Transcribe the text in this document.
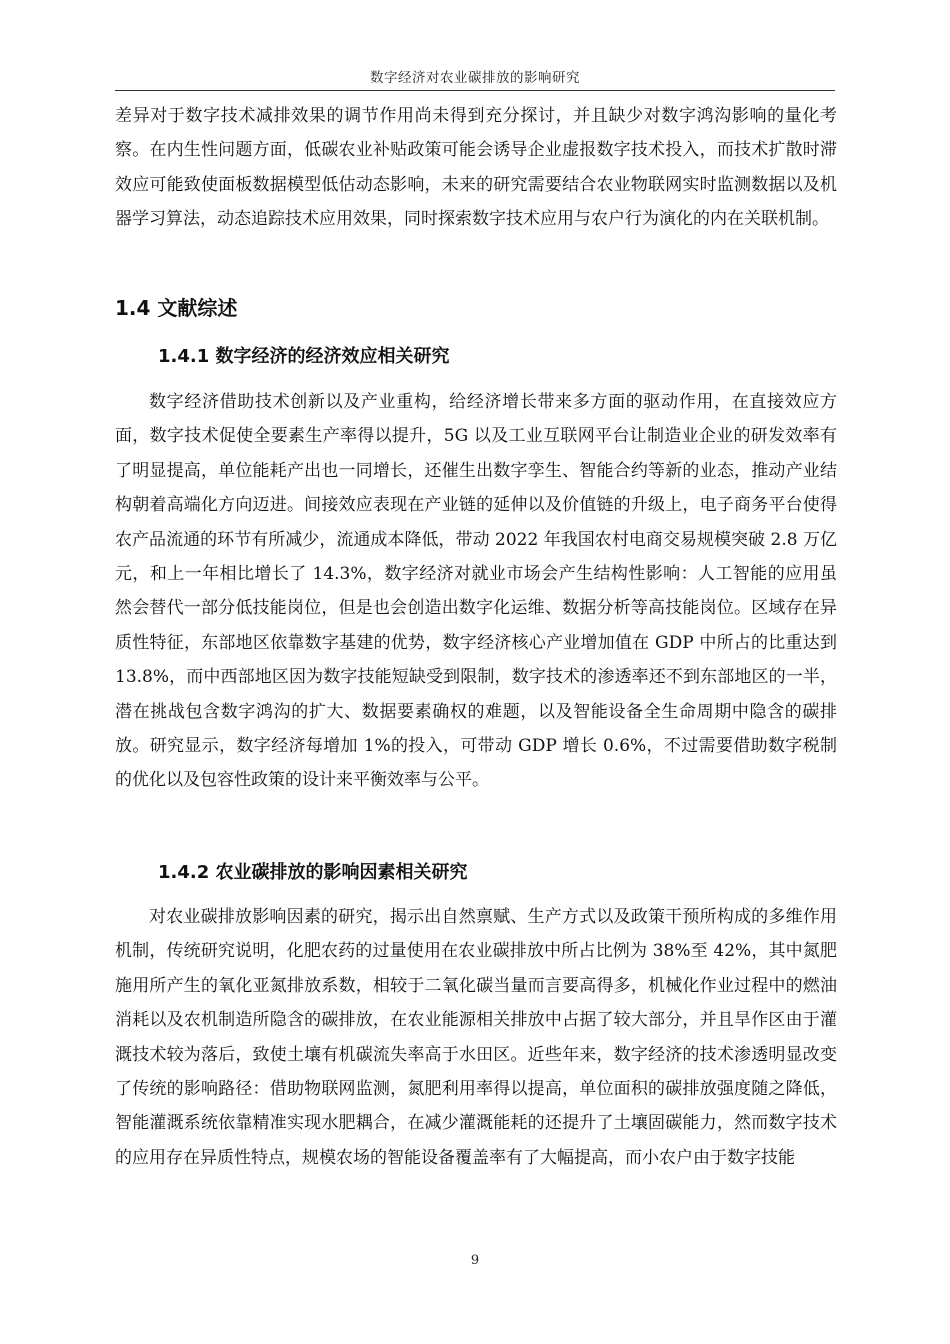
数字经济对农业碳排放的影响研究

差异对于数字技术减排效果的调节作用尚未得到充分探讨，并且缺少对数字鸿沟影响的量化考察。在内生性问题方面，低碳农业补贴政策可能会诱导企业虚报数字技术投入，而技术扩散时滞效应可能致使面板数据模型低估动态影响，未来的研究需要结合农业物联网实时监测数据以及机器学习算法，动态追踪技术应用效果，同时探索数字技术应用与农户行为演化的内在关联机制。

1.4 文献综述
1.4.1 数字经济的经济效应相关研究

数字经济借助技术创新以及产业重构，给经济增长带来多方面的驱动作用，在直接效应方面，数字技术促使全要素生产率得以提升，5G 以及工业互联网平台让制造业企业的研发效率有了明显提高，单位能耗产出也一同增长，还催生出数字孪生、智能合约等新的业态，推动产业结构朝着高端化方向迈进。间接效应表现在产业链的延伸以及价值链的升级上，电子商务平台使得农产品流通的环节有所减少，流通成本降低，带动 2022 年我国农村电商交易规模突破 2.8 万亿元，和上一年相比增长了 14.3%，数字经济对就业市场会产生结构性影响：人工智能的应用虽然会替代一部分低技能岗位，但是也会创造出数字化运维、数据分析等高技能岗位。区域存在异质性特征，东部地区依靠数字基建的优势，数字经济核心产业增加值在 GDP 中所占的比重达到 13.8%，而中西部地区因为数字技能短缺受到限制，数字技术的渗透率还不到东部地区的一半，潜在挑战包含数字鸿沟的扩大、数据要素确权的难题，以及智能设备全生命周期中隐含的碳排放。研究显示，数字经济每增加 1%的投入，可带动 GDP 增长 0.6%，不过需要借助数字税制的优化以及包容性政策的设计来平衡效率与公平。

1.4.2 农业碳排放的影响因素相关研究

对农业碳排放影响因素的研究，揭示出自然禀赋、生产方式以及政策干预所构成的多维作用机制，传统研究说明，化肥农药的过量使用在农业碳排放中所占比例为 38%至 42%，其中氮肥施用所产生的氧化亚氮排放系数，相较于二氧化碳当量而言要高得多，机械化作业过程中的燃油消耗以及农机制造所隐含的碳排放，在农业能源相关排放中占据了较大部分，并且旱作区由于灌溉技术较为落后，致使土壤有机碳流失率高于水田区。近些年来，数字经济的技术渗透明显改变了传统的影响路径：借助物联网监测，氮肥利用率得以提高，单位面积的碳排放强度随之降低，智能灌溉系统依靠精准实现水肥耦合，在减少灌溉能耗的还提升了土壤固碳能力，然而数字技术的应用存在异质性特点，规模农场的智能设备覆盖率有了大幅提高，而小农户由于数字技能

9
